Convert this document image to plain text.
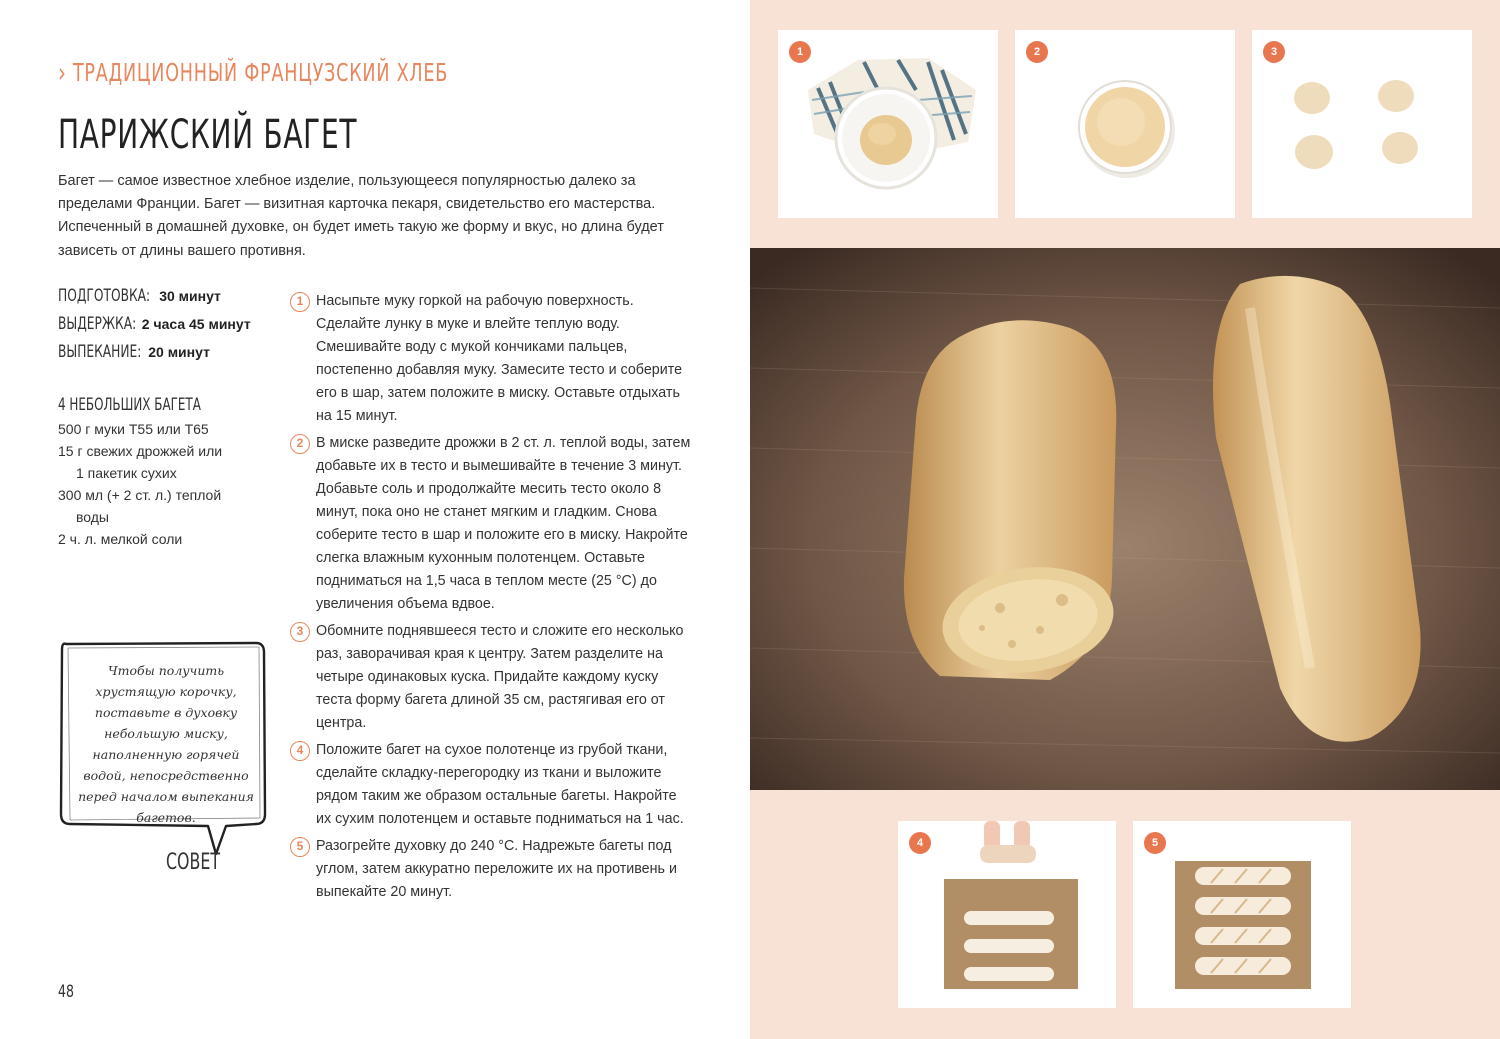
› ТРАДИЦИОННЫЙ ФРАНЦУЗСКИЙ ХЛЕБ
ПАРИЖСКИЙ БАГЕТ

Багет — самое известное хлебное изделие, пользующееся популярностью далеко за пределами Франции. Багет — визитная карточка пекаря, свидетельство его мастерства. Испеченный в домашней духовке, он будет иметь такую же форму и вкус, но длина будет зависеть от длины вашего противня.

ПОДГОТОВКА: 30 минут
ВЫДЕРЖКА: 2 часа 45 минут
ВЫПЕКАНИЕ: 20 минут
4 НЕБОЛЬШИХ БАГЕТА
500 г муки Т55 или Т65
15 г свежих дрожжей или 1 пакетик сухих
300 мл (+ 2 ст. л.) теплой воды
2 ч. л. мелкой соли
Чтобы получить хрустящую корочку, поставьте в духовку небольшую миску, наполненную горячей водой, непосредственно перед началом выпекания багетов.
СОВЕТ
1 Насыпьте муку горкой на рабочую поверхность. Сделайте лунку в муке и влейте теплую воду. Смешивайте воду с мукой кончиками пальцев, постепенно добавляя муку. Замесите тесто и соберите его в шар, затем положите в миску. Оставьте отдыхать на 15 минут.
2 В миске разведите дрожжи в 2 ст. л. теплой воды, затем добавьте их в тесто и вымешивайте в течение 3 минут. Добавьте соль и продолжайте месить тесто около 8 минут, пока оно не станет мягким и гладким. Снова соберите тесто в шар и положите его в миску. Накройте слегка влажным кухонным полотенцем. Оставьте подниматься на 1,5 часа в теплом месте (25 °C) до увеличения объема вдвое.
3 Обомните поднявшееся тесто и сложите его несколько раз, заворачивая края к центру. Затем разделите на четыре одинаковых куска. Придайте каждому куску теста форму багета длиной 35 см, растягивая его от центра.
4 Положите багет на сухое полотенце из грубой ткани, сделайте складку-перегородку из ткани и выложите рядом таким же образом остальные багеты. Накройте их сухим полотенцем и оставьте подниматься на 1 час.
5 Разогрейте духовку до 240 °C. Надрежьте багеты под углом, затем аккуратно переложите их на противень и выпекайте 20 минут.
48
1	2	3
4	5
